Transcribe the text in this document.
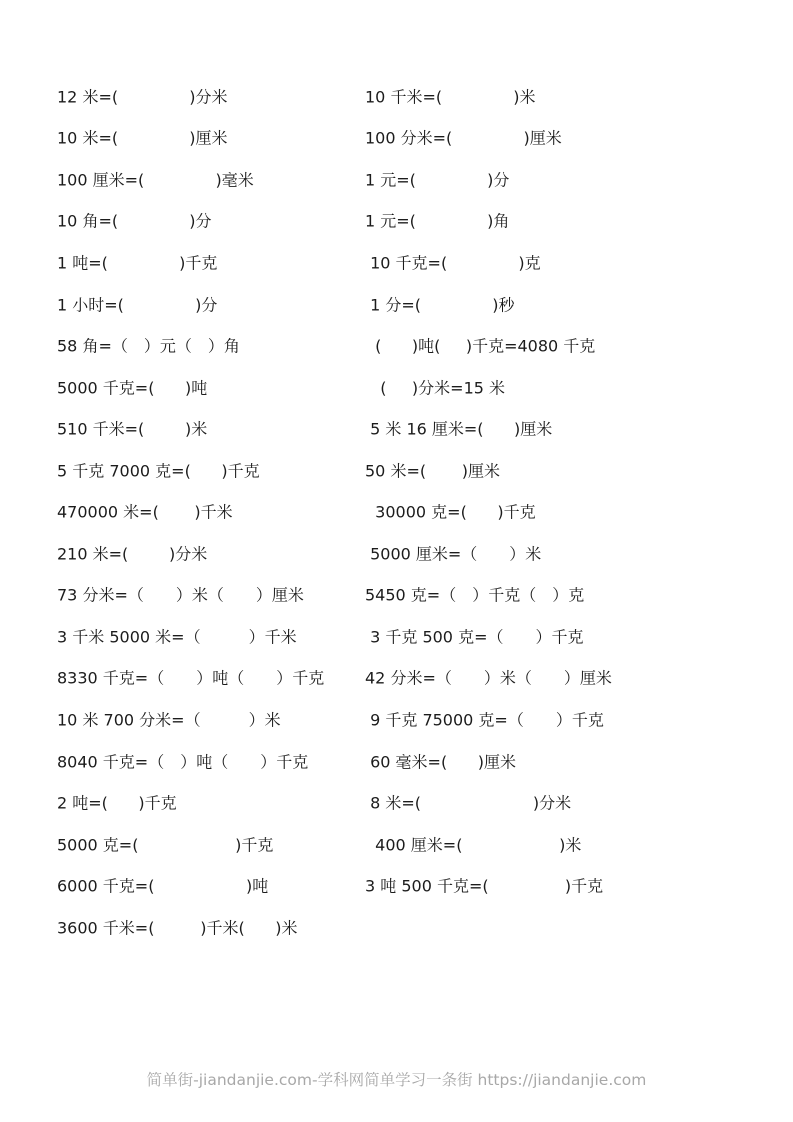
12 米=(              )分米	10 千米=(              )米
10 米=(              )厘米	100 分米=(              )厘米
100 厘米=(              )毫米	1 元=(              )分
10 角=(              )分	1 元=(              )角
1 吨=(              )千克	10 千克=(              )克
1 小时=(              )分	1 分=(              )秒
58 角=（　）元（　）角	(      )吨(     )千克=4080 千克
5000 千克=(      )吨	(     )分米=15 米
510 千米=(        )米	5 米 16 厘米=(      )厘米
5 千克 7000 克=(      )千克	50 米=(       )厘米
470000 米=(       )千米	30000 克=(      )千克
210 米=(        )分米	5000 厘米=（　　）米
73 分米=（　　）米（　　）厘米	5450 克=（　）千克（　）克
3 千米 5000 米=（　　　）千米	3 千克 500 克=（　　）千克
8330 千克=（　　）吨（　　）千克	42 分米=（　　）米（　　）厘米
10 米 700 分米=（　　　）米	9 千克 75000 克=（　　）千克
8040 千克=（　）吨（　　）千克	60 毫米=(      )厘米
2 吨=(      )千克	8 米=(                      )分米
5000 克=(                   )千克	400 厘米=(                   )米
6000 千克=(                  )吨	3 吨 500 千克=(               )千克
3600 千米=(         )千米(      )米
简单街-jiandanjie.com-学科网简单学习一条街 https://jiandanjie.com
